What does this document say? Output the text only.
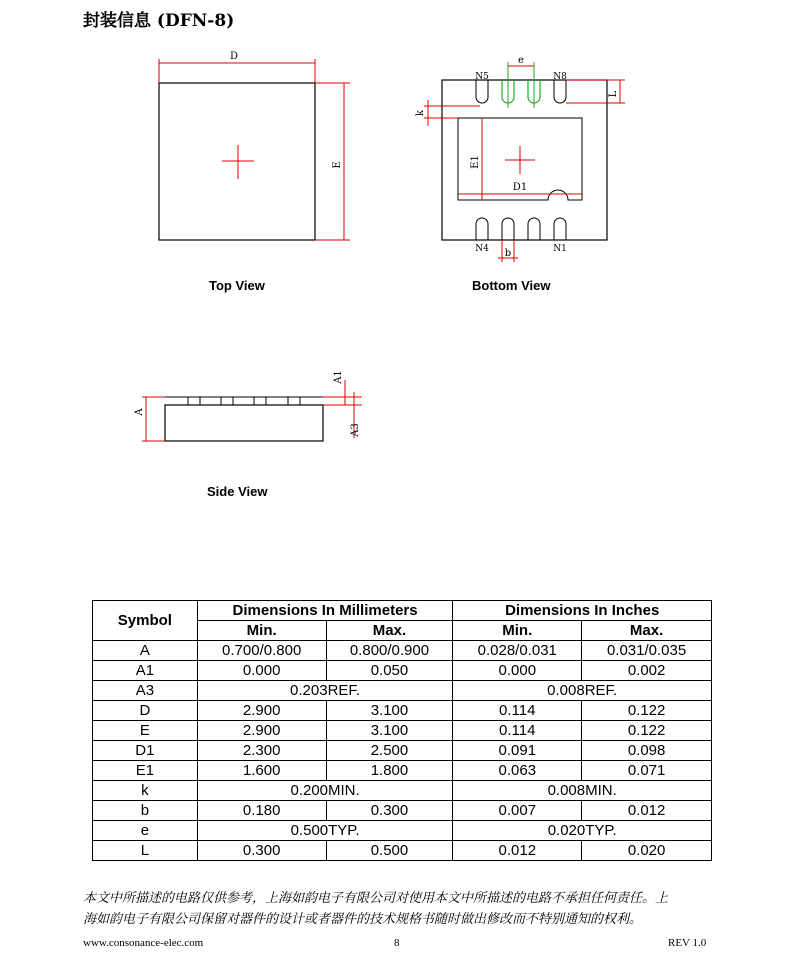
封装信息 (DFN-8)
D
E
Top View
e
N5	N8
L
k
E1
D1
b
N4	N1
Bottom View
A
A1
A3
Side View
Symbol	Dimensions In Millimeters		Dimensions In Inches	
	Min.	Max.	Min.	Max.
A	0.700/0.800	0.800/0.900	0.028/0.031	0.031/0.035
A1	0.000	0.050	0.000	0.002
A3	0.203REF.		0.008REF.	
D	2.900	3.100	0.114	0.122
E	2.900	3.100	0.114	0.122
D1	2.300	2.500	0.091	0.098
E1	1.600	1.800	0.063	0.071
k	0.200MIN.		0.008MIN.	
b	0.180	0.300	0.007	0.012
e	0.500TYP.		0.020TYP.	
L	0.300	0.500	0.012	0.020
本文中所描述的电路仅供参考，上海如韵电子有限公司对使用本文中所描述的电路不承担任何责任。上
海如韵电子有限公司保留对器件的设计或者器件的技术规格书随时做出修改而不特别通知的权利。
www.consonance-elec.com	8	REV 1.0
